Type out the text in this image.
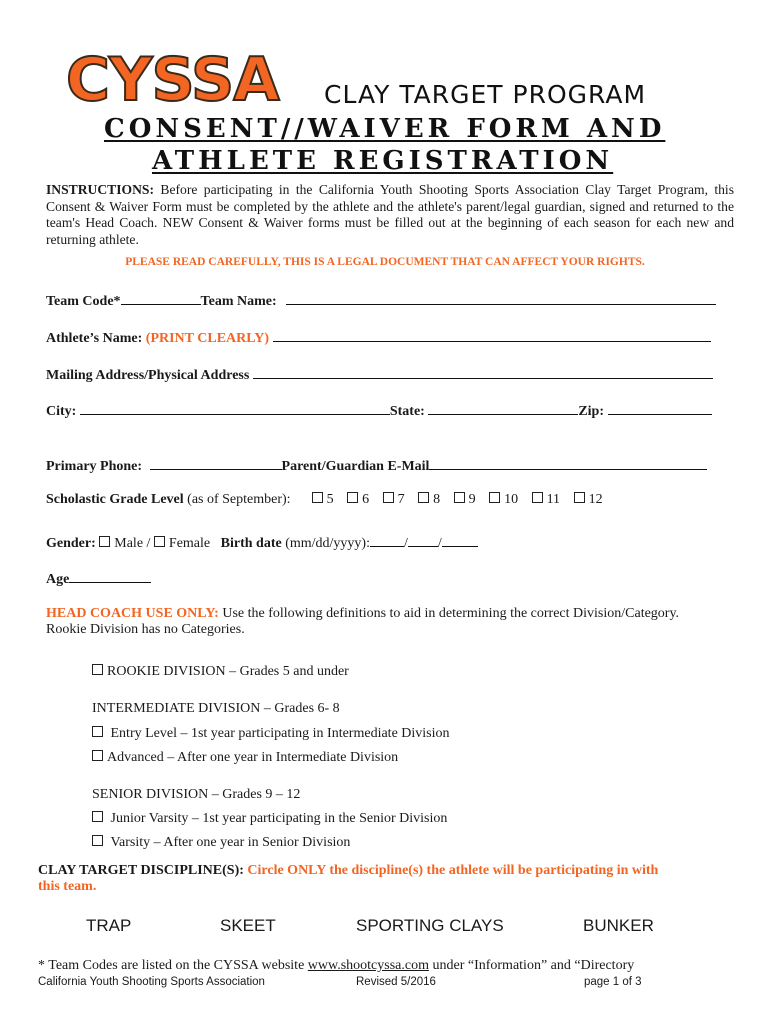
CYSSA CLAY TARGET PROGRAM
CONSENT//WAIVER FORM AND
ATHLETE REGISTRATION
INSTRUCTIONS: Before participating in the California Youth Shooting Sports Association Clay Target Program, this Consent & Waiver Form must be completed by the athlete and the athlete's parent/legal guardian, signed and returned to the team's Head Coach. NEW Consent & Waiver forms must be filled out at the beginning of each season for each new and returning athlete.
PLEASE READ CAREFULLY, THIS IS A LEGAL DOCUMENT THAT CAN AFFECT YOUR RIGHTS.
Team Code*	Team Name:
Athlete’s Name: (PRINT CLEARLY)
Mailing Address/Physical Address
City:	State:	Zip:
Primary Phone:	Parent/Guardian E-Mail
Scholastic Grade Level (as of September):	5 6 7 8 9 10 11 12
Gender: Male / Female Birth date (mm/dd/yyyy): / /
Age
HEAD COACH USE ONLY: Use the following definitions to aid in determining the correct Division/Category.
Rookie Division has no Categories.
ROOKIE DIVISION – Grades 5 and under
INTERMEDIATE DIVISION – Grades 6- 8
Entry Level – 1st year participating in Intermediate Division
Advanced – After one year in Intermediate Division
SENIOR DIVISION – Grades 9 – 12
Junior Varsity – 1st year participating in the Senior Division
Varsity – After one year in Senior Division
CLAY TARGET DISCIPLINE(S): Circle ONLY the discipline(s) the athlete will be participating in with
this team.
TRAP	SKEET	SPORTING CLAYS	BUNKER
* Team Codes are listed on the CYSSA website www.shootcyssa.com under “Information” and “Directory
California Youth Shooting Sports Association	Revised 5/2016	page 1 of 3
